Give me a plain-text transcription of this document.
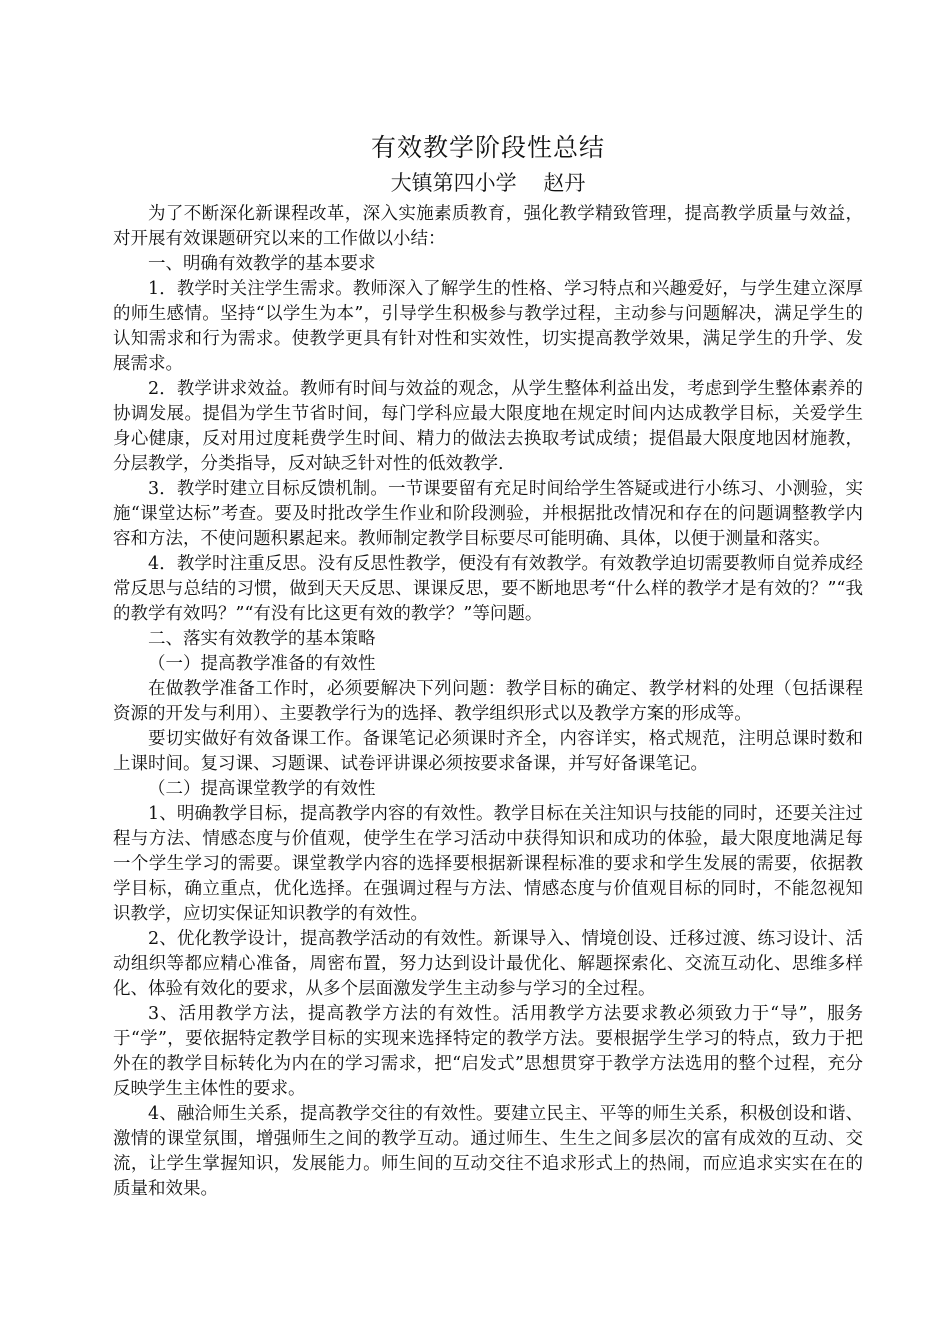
有效教学阶段性总结
大镇第四小学    赵丹

为了不断深化新课程改革，深入实施素质教育，强化教学精致管理，提高教学质量与效益，对开展有效课题研究以来的工作做以小结：

一、明确有效教学的基本要求

1．教学时关注学生需求。教师深入了解学生的性格、学习特点和兴趣爱好，与学生建立深厚的师生感情。坚持“以学生为本”，引导学生积极参与教学过程，主动参与问题解决，满足学生的认知需求和行为需求。使教学更具有针对性和实效性，切实提高教学效果，满足学生的升学、发展需求。

2．教学讲求效益。教师有时间与效益的观念，从学生整体利益出发，考虑到学生整体素养的协调发展。提倡为学生节省时间，每门学科应最大限度地在规定时间内达成教学目标，关爱学生身心健康，反对用过度耗费学生时间、精力的做法去换取考试成绩；提倡最大限度地因材施教，分层教学，分类指导，反对缺乏针对性的低效教学.

3．教学时建立目标反馈机制。一节课要留有充足时间给学生答疑或进行小练习、小测验，实施“课堂达标”考查。要及时批改学生作业和阶段测验，并根据批改情况和存在的问题调整教学内容和方法，不使问题积累起来。教师制定教学目标要尽可能明确、具体，以便于测量和落实。

4．教学时注重反思。没有反思性教学，便没有有效教学。有效教学迫切需要教师自觉养成经常反思与总结的习惯，做到天天反思、课课反思，要不断地思考“什么样的教学才是有效的？”“我的教学有效吗？”“有没有比这更有效的教学？”等问题。

二、落实有效教学的基本策略

（一）提高教学准备的有效性

在做教学准备工作时，必须要解决下列问题：教学目标的确定、教学材料的处理（包括课程资源的开发与利用）、主要教学行为的选择、教学组织形式以及教学方案的形成等。

要切实做好有效备课工作。备课笔记必须课时齐全，内容详实，格式规范，注明总课时数和上课时间。复习课、习题课、试卷评讲课必须按要求备课，并写好备课笔记。

（二）提高课堂教学的有效性

1、明确教学目标，提高教学内容的有效性。教学目标在关注知识与技能的同时，还要关注过程与方法、情感态度与价值观，使学生在学习活动中获得知识和成功的体验，最大限度地满足每一个学生学习的需要。课堂教学内容的选择要根据新课程标准的要求和学生发展的需要，依据教学目标，确立重点，优化选择。在强调过程与方法、情感态度与价值观目标的同时，不能忽视知识教学，应切实保证知识教学的有效性。

2、优化教学设计，提高教学活动的有效性。新课导入、情境创设、迁移过渡、练习设计、活动组织等都应精心准备，周密布置，努力达到设计最优化、解题探索化、交流互动化、思维多样化、体验有效化的要求，从多个层面激发学生主动参与学习的全过程。

3、活用教学方法，提高教学方法的有效性。活用教学方法要求教必须致力于“导”，服务于“学”，要依据特定教学目标的实现来选择特定的教学方法。要根据学生学习的特点，致力于把外在的教学目标转化为内在的学习需求，把“启发式”思想贯穿于教学方法选用的整个过程，充分反映学生主体性的要求。

4、融洽师生关系，提高教学交往的有效性。要建立民主、平等的师生关系，积极创设和谐、激情的课堂氛围，增强师生之间的教学互动。通过师生、生生之间多层次的富有成效的互动、交流，让学生掌握知识，发展能力。师生间的互动交往不追求形式上的热闹，而应追求实实在在的质量和效果。
